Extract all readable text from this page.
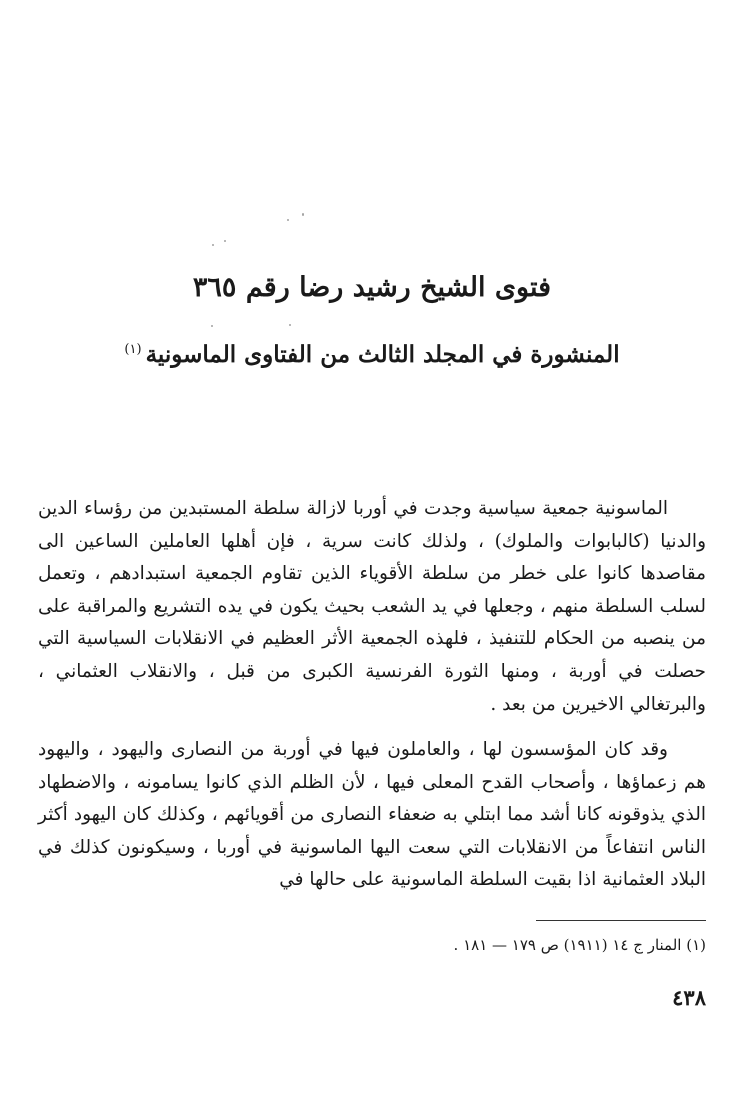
فتوى الشيخ رشيد رضا رقم ٣٦٥
المنشورة في المجلد الثالث من الفتاوى الماسونية$^{(١)}$

الماسونية جمعية سياسية وجدت في أوربا لازالة سلطة المستبدين من رؤساء الدين والدنيا (كالبابوات والملوك) ، ولذلك كانت سرية ، فإن أهلها العاملين الساعين الى مقاصدها كانوا على خطر من سلطة الأقوياء الذين تقاوم الجمعية استبدادهم ، وتعمل لسلب السلطة منهم ، وجعلها في يد الشعب بحيث يكون في يده التشريع والمراقبة على من ينصبه من الحكام للتنفيذ ، فلهذه الجمعية الأثر العظيم في الانقلابات السياسية التي حصلت في أوربة ، ومنها الثورة الفرنسية الكبرى من قبل ، والانقلاب العثماني ، والبرتغالي الاخيرين من بعد .

وقد كان المؤسسون لها ، والعاملون فيها في أوربة من النصارى واليهود ، واليهود هم زعماؤها ، وأصحاب القدح المعلى فيها ، لأن الظلم الذي كانوا يسامونه ، والاضطهاد الذي يذوقونه كانا أشد مما ابتلي به ضعفاء النصارى من أقويائهم ، وكذلك كان اليهود أكثر الناس انتفاعاً من الانقلابات التي سعت اليها الماسونية في أوربا ، وسيكونون كذلك في البلاد العثمانية اذا بقيت السلطة الماسونية على حالها في

(١) المنار ج ١٤ (١٩١١) ص ١٧٩ — ١٨١ .
٤٣٨
